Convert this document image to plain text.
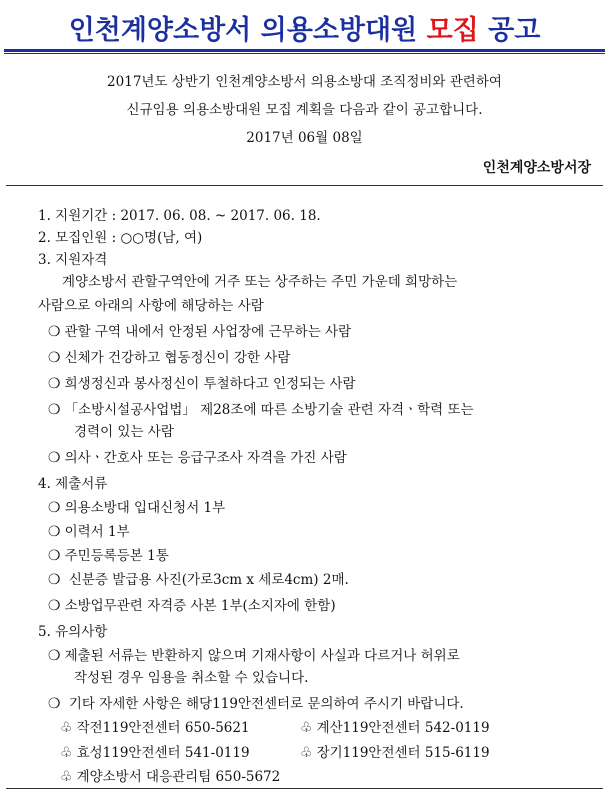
인천계양소방서 의용소방대원 모집 공고
2017년도 상반기 인천계양소방서 의용소방대 조직정비와 관련하여
신규임용 의용소방대원 모집 계획을 다음과 같이 공고합니다.
2017년 06월 08일
인천계양소방서장
1. 지원기간 : 2017. 06. 08. ~ 2017. 06. 18.
2. 모집인원 : ○○명(남, 여)
3. 지원자격
계양소방서 관할구역안에 거주 또는 상주하는 주민 가운데 희망하는
사람으로 아래의 사항에 해당하는 사람
❍ 관할 구역 내에서 안정된 사업장에 근무하는 사람
❍ 신체가 건강하고 협동정신이 강한 사람
❍ 희생정신과 봉사정신이 투철하다고 인정되는 사람
❍ 「소방시설공사업법」 제28조에 따른 소방기술 관련 자격ㆍ학력 또는
경력이 있는 사람
❍ 의사ㆍ간호사 또는 응급구조사 자격을 가진 사람
4. 제출서류
❍ 의용소방대 입대신청서 1부
❍ 이력서 1부
❍ 주민등록등본 1통
❍ 신분증 발급용 사진(가로3cm x 세로4cm) 2매.
❍ 소방업무관련 자격증 사본 1부(소지자에 한함)
5. 유의사항
❍ 제출된 서류는 반환하지 않으며 기재사항이 사실과 다르거나 허위로
작성된 경우 임용을 취소할 수 있습니다.
❍ 기타 자세한 사항은 해당119안전센터로 문의하여 주시기 바랍니다.
♧ 작전119안전센터 650-5621	♧ 계산119안전센터 542-0119
♧ 효성119안전센터 541-0119	♧ 장기119안전센터 515-6119
♧ 계양소방서 대응관리팀 650-5672
